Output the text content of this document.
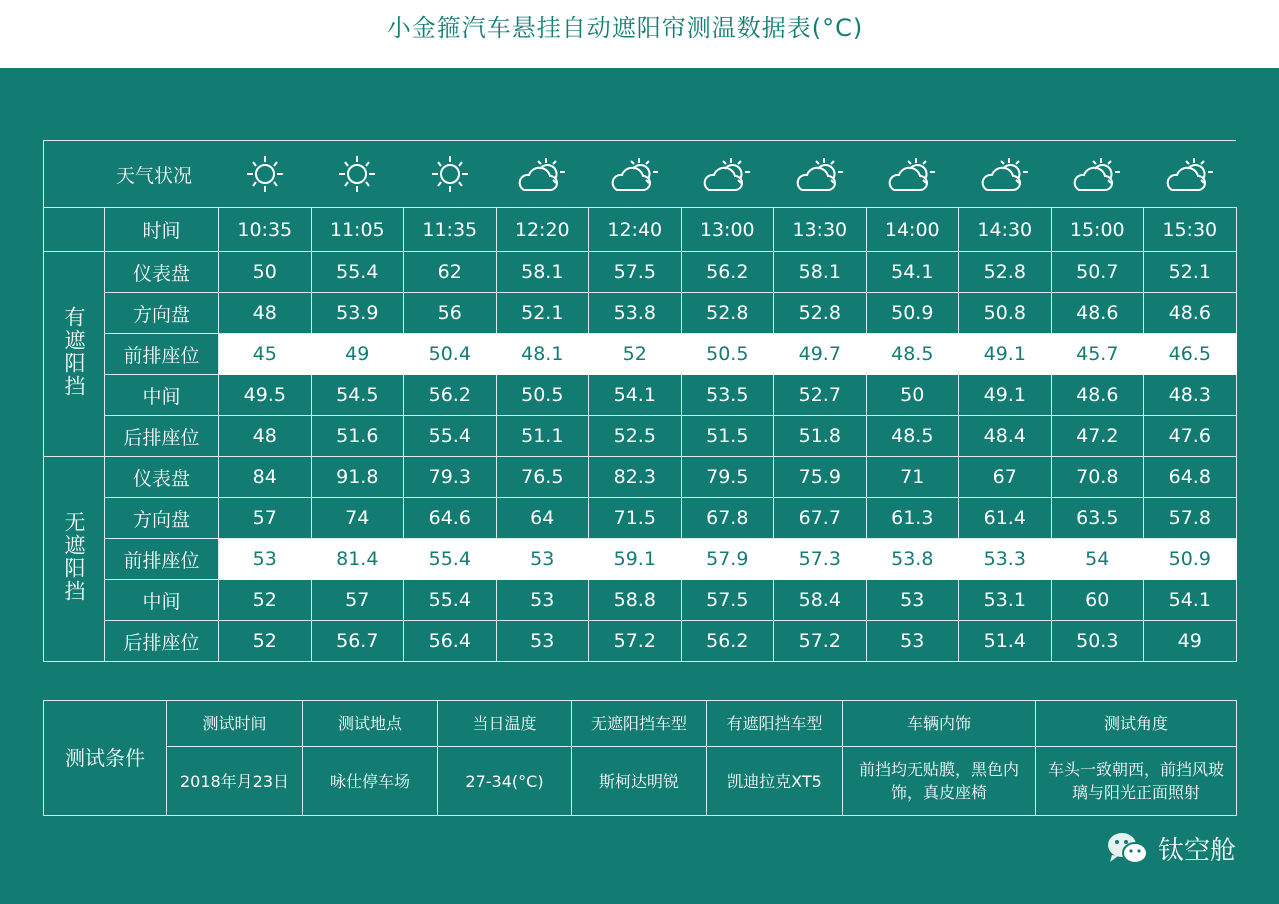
小金箍汽车悬挂自动遮阳帘测温数据表(°C)
天气状况	

	时间	10:35	11:05	11:35	12:20	12:40	13:00	13:30	14:00	14:30	15:00	15:30
有遮阳挡	仪表盘	50	55.4	62	58.1	57.5	56.2	58.1	54.1	52.8	50.7	52.1
	方向盘	48	53.9	56	52.1	53.8	52.8	52.8	50.9	50.8	48.6	48.6
	前排座位	45	49	50.4	48.1	52	50.5	49.7	48.5	49.1	45.7	46.5
	中间	49.5	54.5	56.2	50.5	54.1	53.5	52.7	50	49.1	48.6	48.3
	后排座位	48	51.6	55.4	51.1	52.5	51.5	51.8	48.5	48.4	47.2	47.6
无遮阳挡	仪表盘	84	91.8	79.3	76.5	82.3	79.5	75.9	71	67	70.8	64.8
	方向盘	57	74	64.6	64	71.5	67.8	67.7	61.3	61.4	63.5	57.8
	前排座位	53	81.4	55.4	53	59.1	57.9	57.3	53.8	53.3	54	50.9
	中间	52	57	55.4	53	58.8	57.5	58.4	53	53.1	60	54.1
	后排座位	52	56.7	56.4	53	57.2	56.2	57.2	53	51.4	50.3	49
测试条件	测试时间	测试地点	当日温度	无遮阳挡车型	有遮阳挡车型	车辆内饰	测试角度
	2018年月23日	咏仕停车场	27-34(°C)	斯柯达明锐	凯迪拉克XT5	前挡均无贴膜，黑色内饰，真皮座椅	车头一致朝西，前挡风玻璃与阳光正面照射
钛空舱
